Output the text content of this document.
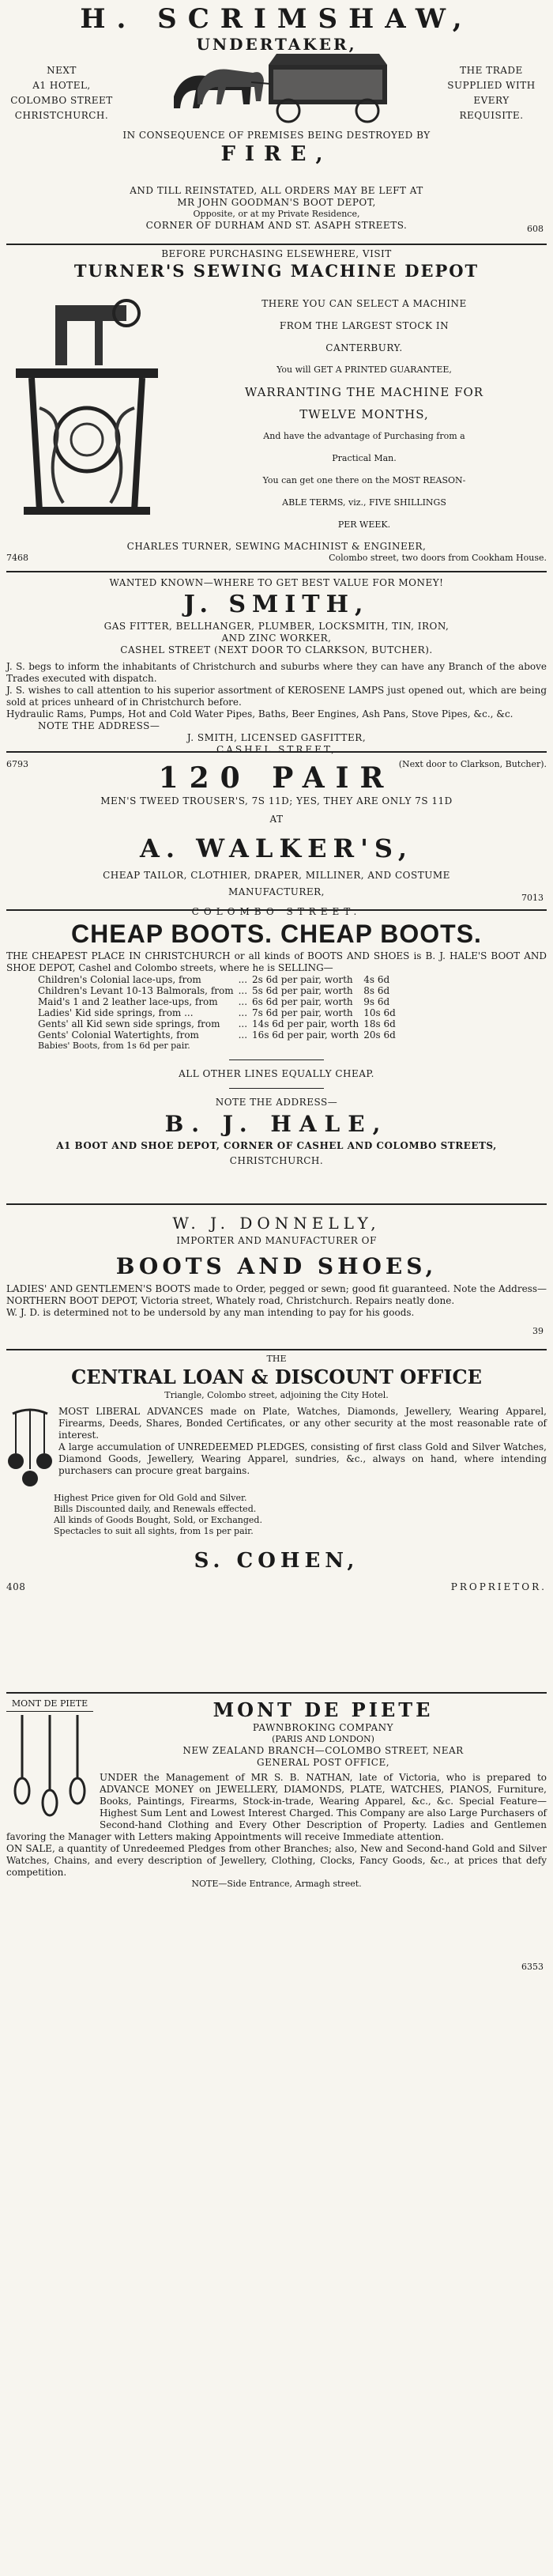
H. SCRIMSHAW,
UNDERTAKER,
NEXT
A1 HOTEL,
COLOMBO STREET
CHRISTCHURCH.
THE TRADE
SUPPLIED WITH
EVERY
REQUISITE.
IN CONSEQUENCE OF PREMISES BEING DESTROYED BY
FIRE,
AND TILL REINSTATED, ALL ORDERS MAY BE LEFT AT
MR JOHN GOODMAN'S BOOT DEPOT,
Opposite, or at my Private Residence,
CORNER OF DURHAM AND ST. ASAPH STREETS.	608
BEFORE PURCHASING ELSEWHERE, VISIT
TURNER'S SEWING MACHINE DEPOT
THERE YOU CAN SELECT A MACHINE
FROM THE LARGEST STOCK IN
CANTERBURY.
You will GET A PRINTED GUARANTEE,
WARRANTING THE MACHINE FOR
TWELVE MONTHS,
And have the advantage of Purchasing from a
Practical Man.
You can get one there on the MOST REASON-
ABLE TERMS, viz., FIVE SHILLINGS
PER WEEK.
CHARLES TURNER, SEWING MACHINIST & ENGINEER,
7468	Colombo street, two doors from Cookham House.
WANTED KNOWN—WHERE TO GET BEST VALUE FOR MONEY!
J. SMITH,
GAS FITTER, BELLHANGER, PLUMBER, LOCKSMITH, TIN, IRON,
AND ZINC WORKER,
CASHEL STREET (NEXT DOOR TO CLARKSON, BUTCHER).
J. S. begs to inform the inhabitants of Christchurch and suburbs where they can have any Branch of the above Trades executed with dispatch.
J. S. wishes to call attention to his superior assortment of KEROSENE LAMPS just opened out, which are being sold at prices unheard of in Christchurch before.
Hydraulic Rams, Pumps, Hot and Cold Water Pipes, Baths, Beer Engines, Ash Pans, Stove Pipes, &c., &c.
NOTE THE ADDRESS—
J. SMITH, LICENSED GASFITTER,
CASHEL STREET,
6793	(Next door to Clarkson, Butcher).
120 PAIR
MEN'S TWEED TROUSER'S, 7S 11D; YES, THEY ARE ONLY 7S 11D
AT
A. WALKER'S,
CHEAP TAILOR, CLOTHIER, DRAPER, MILLINER, AND COSTUME
MANUFACTURER,
COLOMBO STREET.
7013
CHEAP BOOTS. CHEAP BOOTS.
THE CHEAPEST PLACE IN CHRISTCHURCH or all kinds of BOOTS AND SHOES is B. J. HALE'S BOOT AND SHOE DEPOT, Cashel and Colombo streets, where he is SELLING—
Children's Colonial lace-ups, from	...	2s 6d per pair, worth	4s 6d
Children's Levant 10-13 Balmorals, from	...	5s 6d per pair, worth	8s 6d
Maid's 1 and 2 leather lace-ups, from	...	6s 6d per pair, worth	9s 6d
Ladies' Kid side springs, from ...	...	7s 6d per pair, worth	10s 6d
Gents' all Kid sewn side springs, from	...	14s 6d per pair, worth	18s 6d
Gents' Colonial Watertights, from	...	16s 6d per pair, worth	20s 6d
Babies' Boots, from 1s 6d per pair.
ALL OTHER LINES EQUALLY CHEAP.
NOTE THE ADDRESS—
B. J. HALE,
A1 BOOT AND SHOE DEPOT, CORNER OF CASHEL AND COLOMBO STREETS,
CHRISTCHURCH.
W. J. DONNELLY,
IMPORTER AND MANUFACTURER OF
BOOTS AND SHOES,
LADIES' AND GENTLEMEN'S BOOTS made to Order, pegged or sewn; good fit guaranteed. Note the Address—NORTHERN BOOT DEPOT, Victoria street, Whately road, Christchurch. Repairs neatly done.
W. J. D. is determined not to be undersold by any man intending to pay for his goods.
39
THE
CENTRAL LOAN & DISCOUNT OFFICE
Triangle, Colombo street, adjoining the City Hotel.
MOST LIBERAL ADVANCES made on Plate, Watches, Diamonds, Jewellery, Wearing Apparel, Firearms, Deeds, Shares, Bonded Certificates, or any other security at the most reasonable rate of interest.
A large accumulation of UNREDEEMED PLEDGES, consisting of first class Gold and Silver Watches, Diamond Goods, Jewellery, Wearing Apparel, sundries, &c., always on hand, where intending purchasers can procure great bargains.
Highest Price given for Old Gold and Silver.
Bills Discounted daily, and Renewals effected.
All kinds of Goods Bought, Sold, or Exchanged.
Spectacles to suit all sights, from 1s per pair.
S. COHEN,
408	PROPRIETOR.
MONT DE PIETE	MONT DE PIETE
PAWNBROKING COMPANY
(PARIS AND LONDON)
NEW ZEALAND BRANCH—COLOMBO STREET, NEAR
GENERAL POST OFFICE,
UNDER the Management of MR S. B. NATHAN, late of Victoria, who is prepared to ADVANCE MONEY on JEWELLERY, DIAMONDS, PLATE, WATCHES, PIANOS, Furniture, Books, Paintings, Firearms, Stock-in-trade, Wearing Apparel, &c., &c. Special Feature—Highest Sum Lent and Lowest Interest Charged. This Company are also Large Purchasers of Second-hand Clothing and Every Other Description of Property. Ladies and Gentlemen favoring the Manager with Letters making Appointments will receive Immediate attention.
ON SALE, a quantity of Unredeemed Pledges from other Branches; also, New and Second-hand Gold and Silver Watches, Chains, and every description of Jewellery, Clothing, Clocks, Fancy Goods, &c., at prices that defy competition.
NOTE—Side Entrance, Armagh street.
6353
